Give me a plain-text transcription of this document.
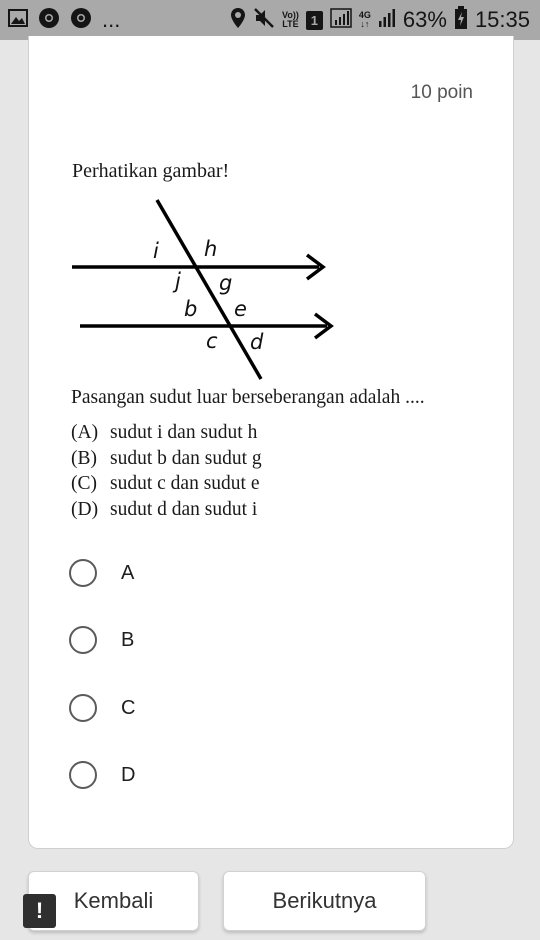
...	Vo))
LTE 1	4G
↓↑ 63% 15:35
10 poin
Perhatikan gambar!
i h
j g
b e
c d
Pasangan sudut luar berseberangan adalah ....
(A) sudut i dan sudut h
(B) sudut b dan sudut g
(C) sudut c dan sudut e
(D) sudut d dan sudut i
A
B
C
D
Kembali	Berikutnya
!
